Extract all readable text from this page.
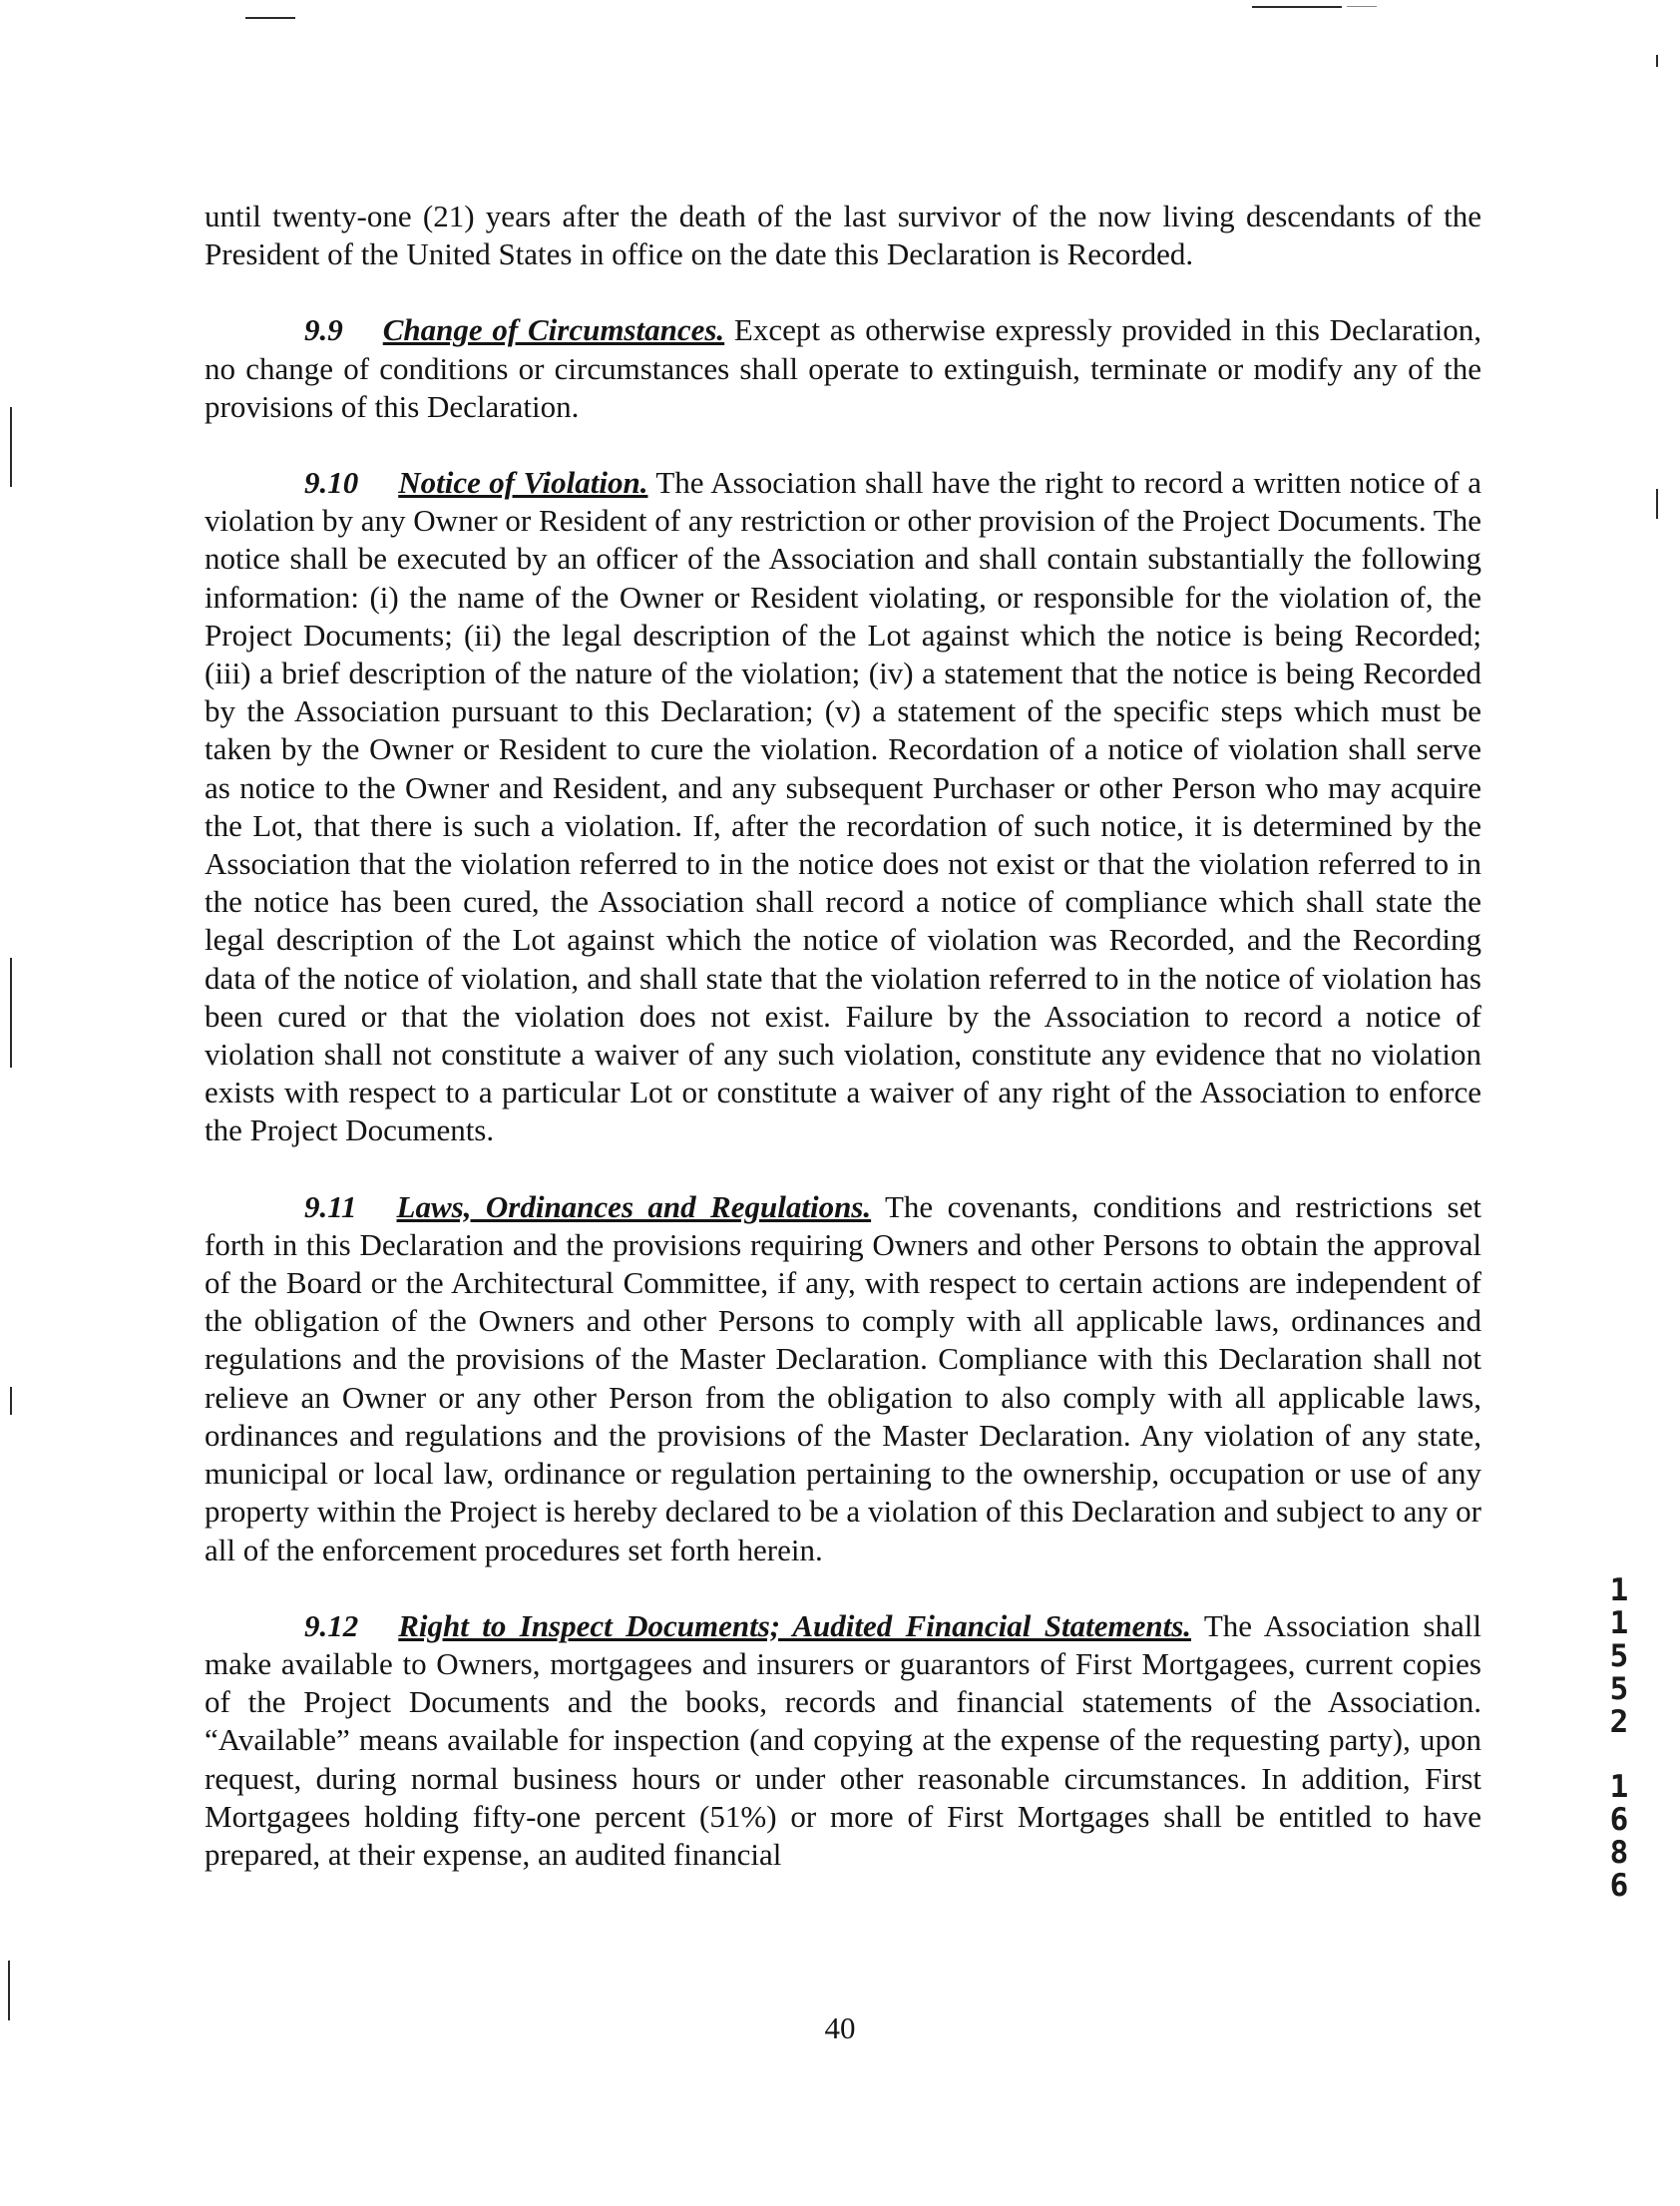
until twenty-one (21) years after the death of the last survivor of the now living descendants of the President of the United States in office on the date this Declaration is Recorded.

9.9 Change of Circumstances. Except as otherwise expressly provided in this Declaration, no change of conditions or circumstances shall operate to extinguish, terminate or modify any of the provisions of this Declaration.

9.10 Notice of Violation. The Association shall have the right to record a written notice of a violation by any Owner or Resident of any restriction or other provision of the Project Documents. The notice shall be executed by an officer of the Association and shall contain substantially the following information: (i) the name of the Owner or Resident violating, or responsible for the violation of, the Project Documents; (ii) the legal description of the Lot against which the notice is being Recorded; (iii) a brief description of the nature of the violation; (iv) a statement that the notice is being Recorded by the Association pursuant to this Declaration; (v) a statement of the specific steps which must be taken by the Owner or Resident to cure the violation. Recordation of a notice of violation shall serve as notice to the Owner and Resident, and any subsequent Purchaser or other Person who may acquire the Lot, that there is such a violation. If, after the recordation of such notice, it is determined by the Association that the violation referred to in the notice does not exist or that the violation referred to in the notice has been cured, the Association shall record a notice of compliance which shall state the legal description of the Lot against which the notice of violation was Recorded, and the Recording data of the notice of violation, and shall state that the violation referred to in the notice of violation has been cured or that the violation does not exist. Failure by the Association to record a notice of violation shall not constitute a waiver of any such violation, constitute any evidence that no violation exists with respect to a particular Lot or constitute a waiver of any right of the Association to enforce the Project Documents.

9.11 Laws, Ordinances and Regulations. The covenants, conditions and restrictions set forth in this Declaration and the provisions requiring Owners and other Persons to obtain the approval of the Board or the Architectural Committee, if any, with respect to certain actions are independent of the obligation of the Owners and other Persons to comply with all applicable laws, ordinances and regulations and the provisions of the Master Declaration. Compliance with this Declaration shall not relieve an Owner or any other Person from the obligation to also comply with all applicable laws, ordinances and regulations and the provisions of the Master Declaration. Any violation of any state, municipal or local law, ordinance or regulation pertaining to the ownership, occupation or use of any property within the Project is hereby declared to be a violation of this Declaration and subject to any or all of the enforcement procedures set forth herein.

9.12 Right to Inspect Documents; Audited Financial Statements. The Association shall make available to Owners, mortgagees and insurers or guarantors of First Mortgagees, current copies of the Project Documents and the books, records and financial statements of the Association. “Available” means available for inspection (and copying at the expense of the requesting party), upon request, during normal business hours or under other reasonable circumstances. In addition, First Mortgagees holding fifty-one percent (51%) or more of First Mortgages shall be entitled to have prepared, at their expense, an audited financial

1
1
5
5
2
1
6
8
6
40
